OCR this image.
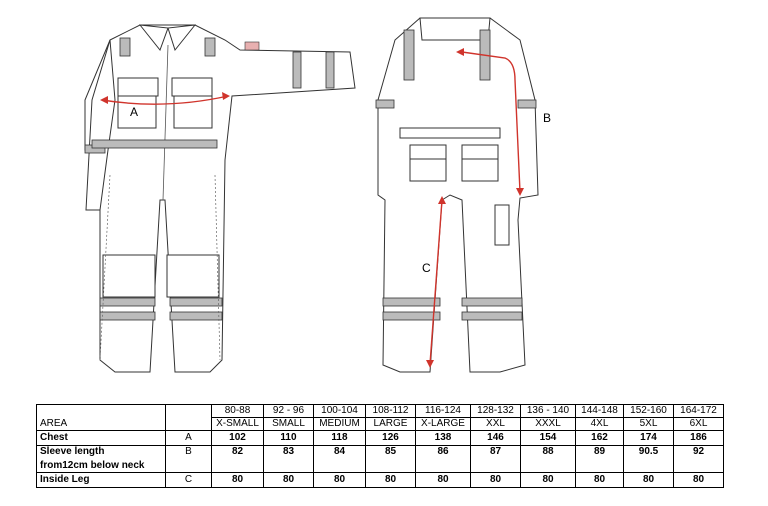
A	B
C
		80-88	92 - 96	100-104	108-112	116-124	128-132	136 - 140	144-148	152-160	164-172
AREA		X-SMALL	SMALL	MEDIUM	LARGE	X-LARGE	XXL	XXXL	4XL	5XL	6XL
Chest	A	102	110	118	126	138	146	154	162	174	186

Sleeve length
from12cm below neck	B	82	83	84	85	86	87	88	89	90.5	92
Inside Leg	C	80	80	80	80	80	80	80	80	80	80
